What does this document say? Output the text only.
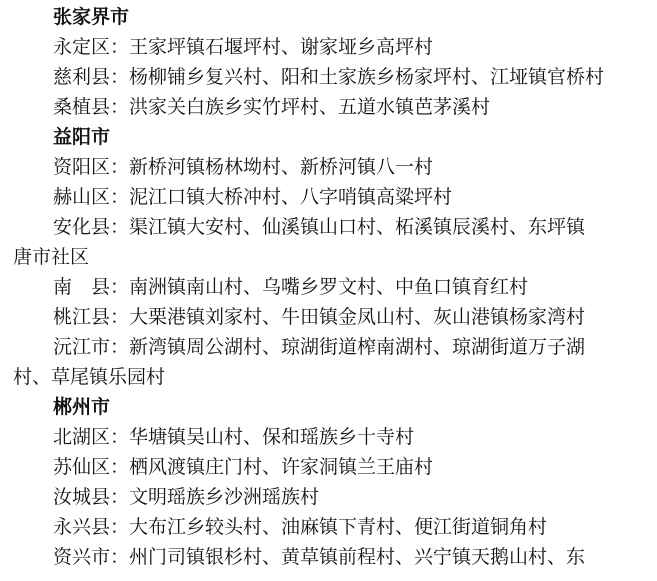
张家界市
永定区：王家坪镇石堰坪村、谢家垭乡高坪村
慈利县：杨柳铺乡复兴村、阳和土家族乡杨家坪村、江垭镇官桥村
桑植县：洪家关白族乡实竹坪村、五道水镇芭茅溪村
益阳市
资阳区：新桥河镇杨林坳村、新桥河镇八一村
赫山区：泥江口镇大桥冲村、八字哨镇高粱坪村
安化县：渠江镇大安村、仙溪镇山口村、柘溪镇辰溪村、东坪镇
唐市社区
南　县：南洲镇南山村、乌嘴乡罗文村、中鱼口镇育红村
桃江县：大栗港镇刘家村、牛田镇金凤山村、灰山港镇杨家湾村
沅江市：新湾镇周公湖村、琼湖街道榨南湖村、琼湖街道万子湖
村、草尾镇乐园村
郴州市
北湖区：华塘镇吴山村、保和瑶族乡十寺村
苏仙区：栖风渡镇庄门村、许家洞镇兰王庙村
汝城县：文明瑶族乡沙洲瑶族村
永兴县：大布江乡较头村、油麻镇下青村、便江街道铜角村
资兴市：州门司镇银杉村、黄草镇前程村、兴宁镇天鹅山村、东
